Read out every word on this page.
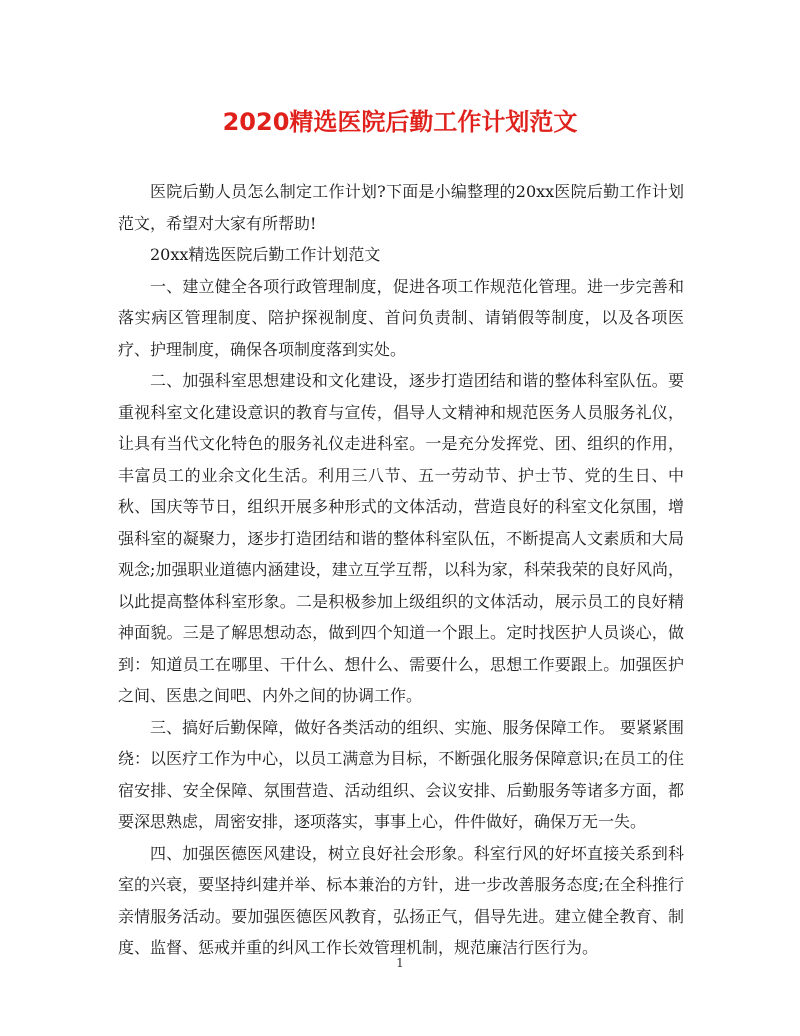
2020精选医院后勤工作计划范文

医院后勤人员怎么制定工作计划?下面是小编整理的20xx医院后勤工作计划范文，希望对大家有所帮助!

20xx精选医院后勤工作计划范文

一、建立健全各项行政管理制度，促进各项工作规范化管理。进一步完善和落实病区管理制度、陪护探视制度、首问负责制、请销假等制度，以及各项医疗、护理制度，确保各项制度落到实处。

二、加强科室思想建设和文化建设，逐步打造团结和谐的整体科室队伍。要重视科室文化建设意识的教育与宣传，倡导人文精神和规范医务人员服务礼仪，让具有当代文化特色的服务礼仪走进科室。一是充分发挥党、团、组织的作用，丰富员工的业余文化生活。利用三八节、五一劳动节、护士节、党的生日、中秋、国庆等节日，组织开展多种形式的文体活动，营造良好的科室文化氛围，增强科室的凝聚力，逐步打造团结和谐的整体科室队伍，不断提高人文素质和大局观念;加强职业道德内涵建设，建立互学互帮，以科为家，科荣我荣的良好风尚，以此提高整体科室形象。二是积极参加上级组织的文体活动，展示员工的良好精神面貌。三是了解思想动态，做到四个知道一个跟上。定时找医护人员谈心，做到：知道员工在哪里、干什么、想什么、需要什么，思想工作要跟上。加强医护之间、医患之间吧、内外之间的协调工作。

三、搞好后勤保障，做好各类活动的组织、实施、服务保障工作。 要紧紧围绕：以医疗工作为中心，以员工满意为目标，不断强化服务保障意识;在员工的住宿安排、安全保障、氛围营造、活动组织、会议安排、后勤服务等诸多方面，都要深思熟虑，周密安排，逐项落实，事事上心，件件做好，确保万无一失。

四、加强医德医风建设，树立良好社会形象。科室行风的好坏直接关系到科室的兴衰，要坚持纠建并举、标本兼治的方针，进一步改善服务态度;在全科推行亲情服务活动。要加强医德医风教育，弘扬正气，倡导先进。建立健全教育、制度、监督、惩戒并重的纠风工作长效管理机制，规范廉洁行医行为。

1
